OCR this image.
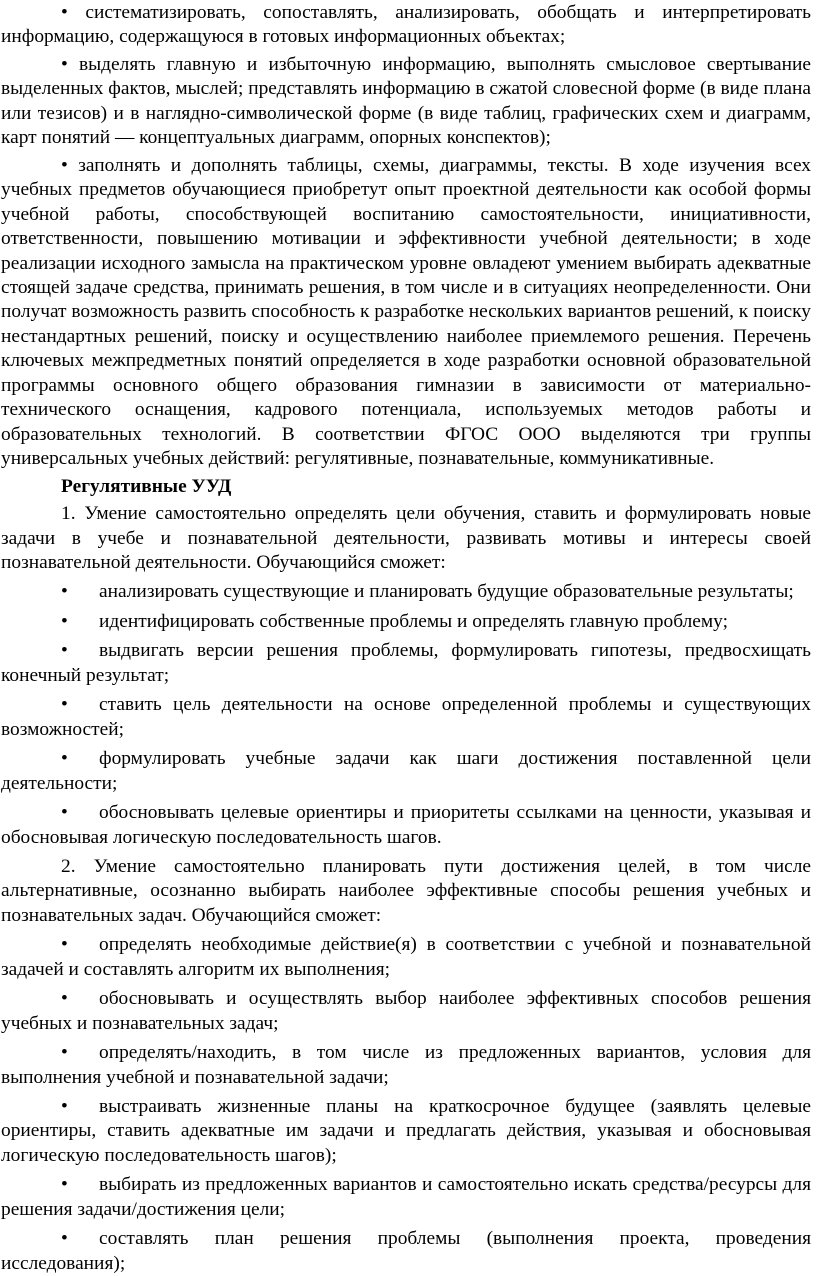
• систематизировать, сопоставлять, анализировать, обобщать и интерпретировать информацию, содержащуюся в готовых информационных объектах;

• выделять главную и избыточную информацию, выполнять смысловое свертывание выделенных фактов, мыслей; представлять информацию в сжатой словесной форме (в виде плана или тезисов) и в наглядно-символической форме (в виде таблиц, графических схем и диаграмм, карт понятий — концептуальных диаграмм, опорных конспектов);

• заполнять и дополнять таблицы, схемы, диаграммы, тексты. В ходе изучения всех учебных предметов обучающиеся приобретут опыт проектной деятельности как особой формы учебной работы, способствующей воспитанию самостоятельности, инициативности, ответственности, повышению мотивации и эффективности учебной деятельности; в ходе реализации исходного замысла на практическом уровне овладеют умением выбирать адекватные стоящей задаче средства, принимать решения, в том числе и в ситуациях неопределенности. Они получат возможность развить способность к разработке нескольких вариантов решений, к поиску нестандартных решений, поиску и осуществлению наиболее приемлемого решения. Перечень ключевых межпредметных понятий определяется в ходе разработки основной образовательной программы основного общего образования гимназии в зависимости от материально-технического оснащения, кадрового потенциала, используемых методов работы и образовательных технологий. В соответствии ФГОС ООО выделяются три группы универсальных учебных действий: регулятивные, познавательные, коммуникативные.

Регулятивные УУД

1. Умение самостоятельно определять цели обучения, ставить и формулировать новые задачи в учебе и познавательной деятельности, развивать мотивы и интересы своей познавательной деятельности. Обучающийся сможет:

• анализировать существующие и планировать будущие образовательные результаты;

• идентифицировать собственные проблемы и определять главную проблему;

• выдвигать версии решения проблемы, формулировать гипотезы, предвосхищать конечный результат;

• ставить цель деятельности на основе определенной проблемы и существующих возможностей;

• формулировать учебные задачи как шаги достижения поставленной цели деятельности;

• обосновывать целевые ориентиры и приоритеты ссылками на ценности, указывая и обосновывая логическую последовательность шагов.

2. Умение самостоятельно планировать пути достижения целей, в том числе альтернативные, осознанно выбирать наиболее эффективные способы решения учебных и познавательных задач. Обучающийся сможет:

• определять необходимые действие(я) в соответствии с учебной и познавательной задачей и составлять алгоритм их выполнения;

• обосновывать и осуществлять выбор наиболее эффективных способов решения учебных и познавательных задач;

• определять/находить, в том числе из предложенных вариантов, условия для выполнения учебной и познавательной задачи;

• выстраивать жизненные планы на краткосрочное будущее (заявлять целевые ориентиры, ставить адекватные им задачи и предлагать действия, указывая и обосновывая логическую последовательность шагов);

• выбирать из предложенных вариантов и самостоятельно искать средства/ресурсы для решения задачи/достижения цели;

• составлять план решения проблемы (выполнения проекта, проведения исследования);
